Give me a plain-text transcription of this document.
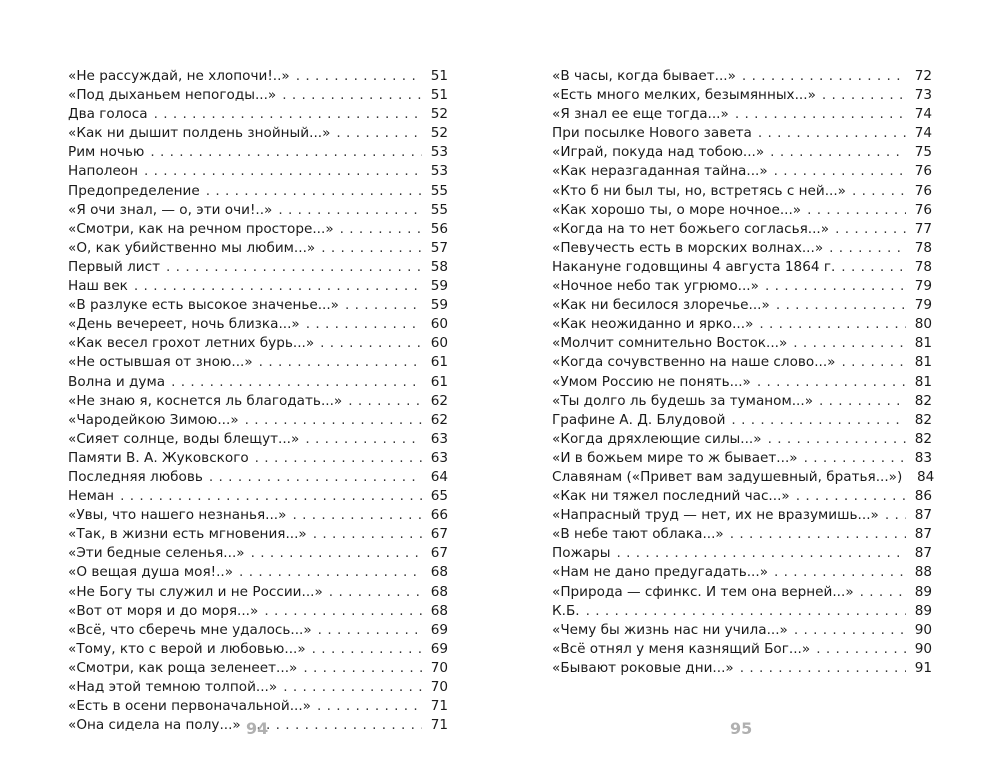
«Не рассуждай, не хлопочи!..» . . .	51
«Под дыханьем непогоды...» . . .	51
Два голоса . . .	52
«Как ни дышит полдень знойный...» . . .	52
Рим ночью . . .	53
Наполеон . . .	53
Предопределение . . .	55
«Я очи знал, — о, эти очи!..» . . .	55
«Смотри, как на речном просторе...» . . .	56
«О, как убийственно мы любим...» . . .	57
Первый лист . . .	58
Наш век . . .	59
«В разлуке есть высокое значенье...» . . .	59
«День вечереет, ночь близка...» . . .	60
«Как весел грохот летних бурь...» . . .	60
«Не остывшая от зною...» . . .	61
Волна и дума . . .	61
«Не знаю я, коснется ль благодать...» . . .	62
«Чародейкою Зимою...» . . .	62
«Сияет солнце, воды блещут...» . . .	63
Памяти В. А. Жуковского . . .	63
Последняя любовь . . .	64
Неман . . .	65
«Увы, что нашего незнанья...» . . .	66
«Так, в жизни есть мгновения...» . . .	67
«Эти бедные селенья...» . . .	67
«О вещая душа моя!..» . . .	68
«Не Богу ты служил и не России...» . . .	68
«Вот от моря и до моря...» . . .	68
«Всё, что сберечь мне удалось...» . . .	69
«Тому, кто с верой и любовью...» . . .	69
«Смотри, как роща зеленеет...» . . .	70
«Над этой темною толпой...» . . .	70
«Есть в осени первоначальной...» . . .	71
«Она сидела на полу...» . . .	71
94
«В часы, когда бывает...» . . .	72
«Есть много мелких, безымянных...» . . .	73
«Я знал ее еще тогда...» . . .	74
При посылке Нового завета . . .	74
«Играй, покуда над тобою...» . . .	75
«Как неразгаданная тайна...» . . .	76
«Кто б ни был ты, но, встретясь с ней...» . . .	76
«Как хорошо ты, о море ночное...» . . .	76
«Когда на то нет божьего согласья...» . . .	77
«Певучесть есть в морских волнах...» . . .	78
Накануне годовщины 4 августа 1864 г. . . .	78
«Ночное небо так угрюмо...» . . .	79
«Как ни бесилося злоречье...» . . .	79
«Как неожиданно и ярко...» . . .	80
«Молчит сомнительно Восток...» . . .	81
«Когда сочувственно на наше слово...» . . .	81
«Умом Россию не понять...» . . .	81
«Ты долго ль будешь за туманом...» . . .	82
Графине А. Д. Блудовой . . .	82
«Когда дряхлеющие силы...» . . .	82
«И в божьем мире то ж бывает...» . . .	83
Славянам («Привет вам задушевный, братья...»)	84
«Как ни тяжел последний час...» . . .	86
«Напрасный труд — нет, их не вразумишь...» . . .	87
«В небе тают облака...» . . .	87
Пожары . . .	87
«Нам не дано предугадать...» . . .	88
«Природа — сфинкс. И тем она верней...» . . .	89
К.Б. . . .	89
«Чему бы жизнь нас ни учила...» . . .	90
«Всё отнял у меня казнящий Бог...» . . .	90
«Бывают роковые дни...» . . .	91
95
